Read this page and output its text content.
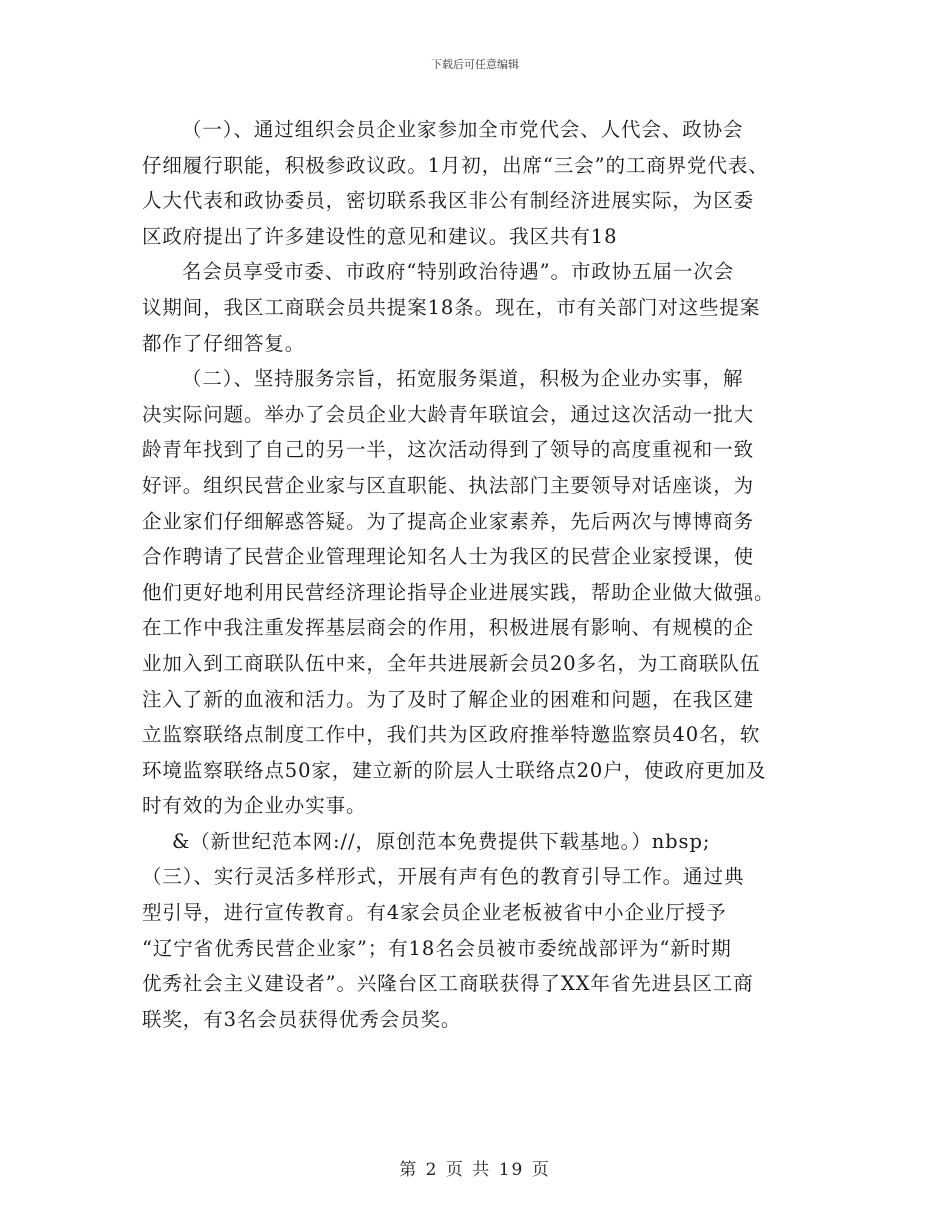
下载后可任意编辑
（一）、通过组织会员企业家参加全市党代会、人代会、政协会
仔细履行职能，积极参政议政。1月初，出席“三会”的工商界党代表、
人大代表和政协委员，密切联系我区非公有制经济进展实际，为区委
区政府提出了许多建设性的意见和建议。我区共有18
名会员享受市委、市政府“特别政治待遇”。市政协五届一次会
议期间，我区工商联会员共提案18条。现在，市有关部门对这些提案
都作了仔细答复。
（二）、坚持服务宗旨，拓宽服务渠道，积极为企业办实事，解
决实际问题。举办了会员企业大龄青年联谊会，通过这次活动一批大
龄青年找到了自己的另一半，这次活动得到了领导的高度重视和一致
好评。组织民营企业家与区直职能、执法部门主要领导对话座谈，为
企业家们仔细解惑答疑。为了提高企业家素养，先后两次与博博商务
合作聘请了民营企业管理理论知名人士为我区的民营企业家授课，使
他们更好地利用民营经济理论指导企业进展实践，帮助企业做大做强。
在工作中我注重发挥基层商会的作用，积极进展有影响、有规模的企
业加入到工商联队伍中来，全年共进展新会员20多名，为工商联队伍
注入了新的血液和活力。为了及时了解企业的困难和问题，在我区建
立监察联络点制度工作中，我们共为区政府推举特邀监察员40名，软
环境监察联络点50家，建立新的阶层人士联络点20户，使政府更加及
时有效的为企业办实事。
&（新世纪范本网://，原创范本免费提供下载基地。）nbsp;
（三）、实行灵活多样形式，开展有声有色的教育引导工作。通过典
型引导，进行宣传教育。有4家会员企业老板被省中小企业厅授予
“辽宁省优秀民营企业家”；有18名会员被市委统战部评为“新时期
优秀社会主义建设者”。兴隆台区工商联获得了XX年省先进县区工商
联奖，有3名会员获得优秀会员奖。
第 2 页 共 19 页
